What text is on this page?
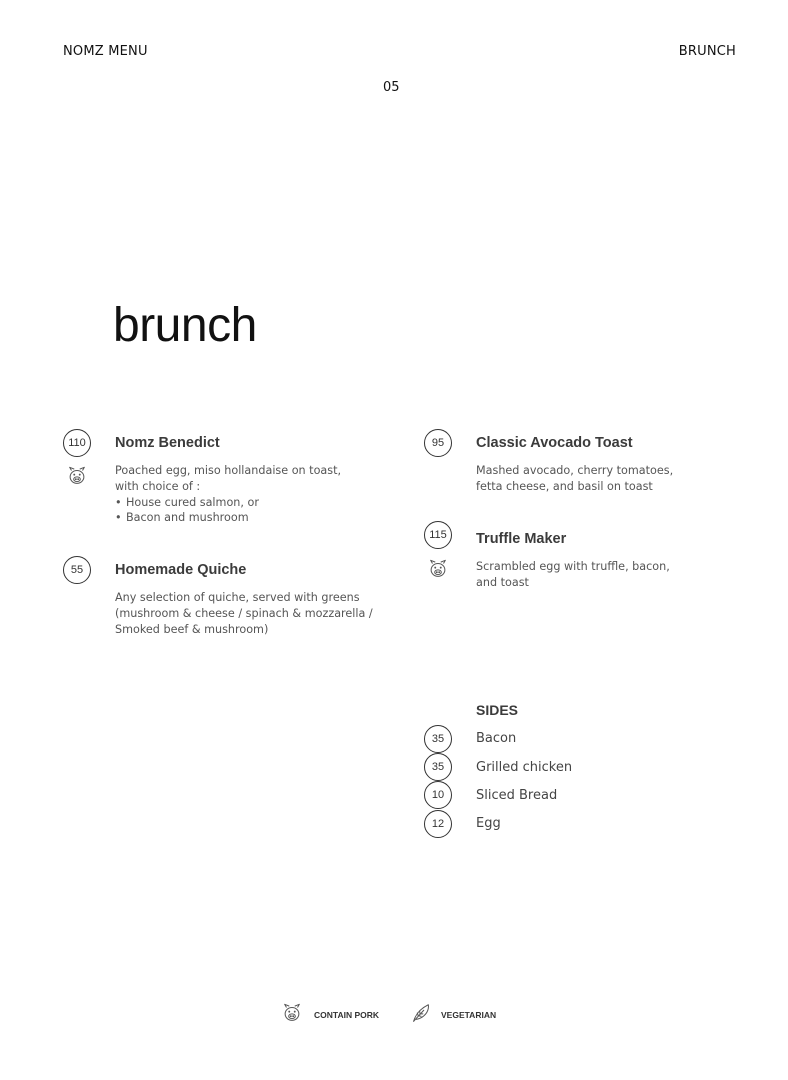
NOMZ MENU	BRUNCH
05
brunch
110	Nomz Benedict
Poached egg, miso hollandaise on toast,
with choice of :
• House cured salmon, or
• Bacon and mushroom
55	Homemade Quiche
Any selection of quiche, served with greens
(mushroom & cheese / spinach & mozzarella /
Smoked beef & mushroom)
95	Classic Avocado Toast
Mashed avocado, cherry tomatoes,
fetta cheese, and basil on toast
115	Truffle Maker
Scrambled egg with truffle, bacon,
and toast
SIDES
35	Bacon
35	Grilled chicken
10	Sliced Bread
12	Egg
CONTAIN PORK	VEGETARIAN
